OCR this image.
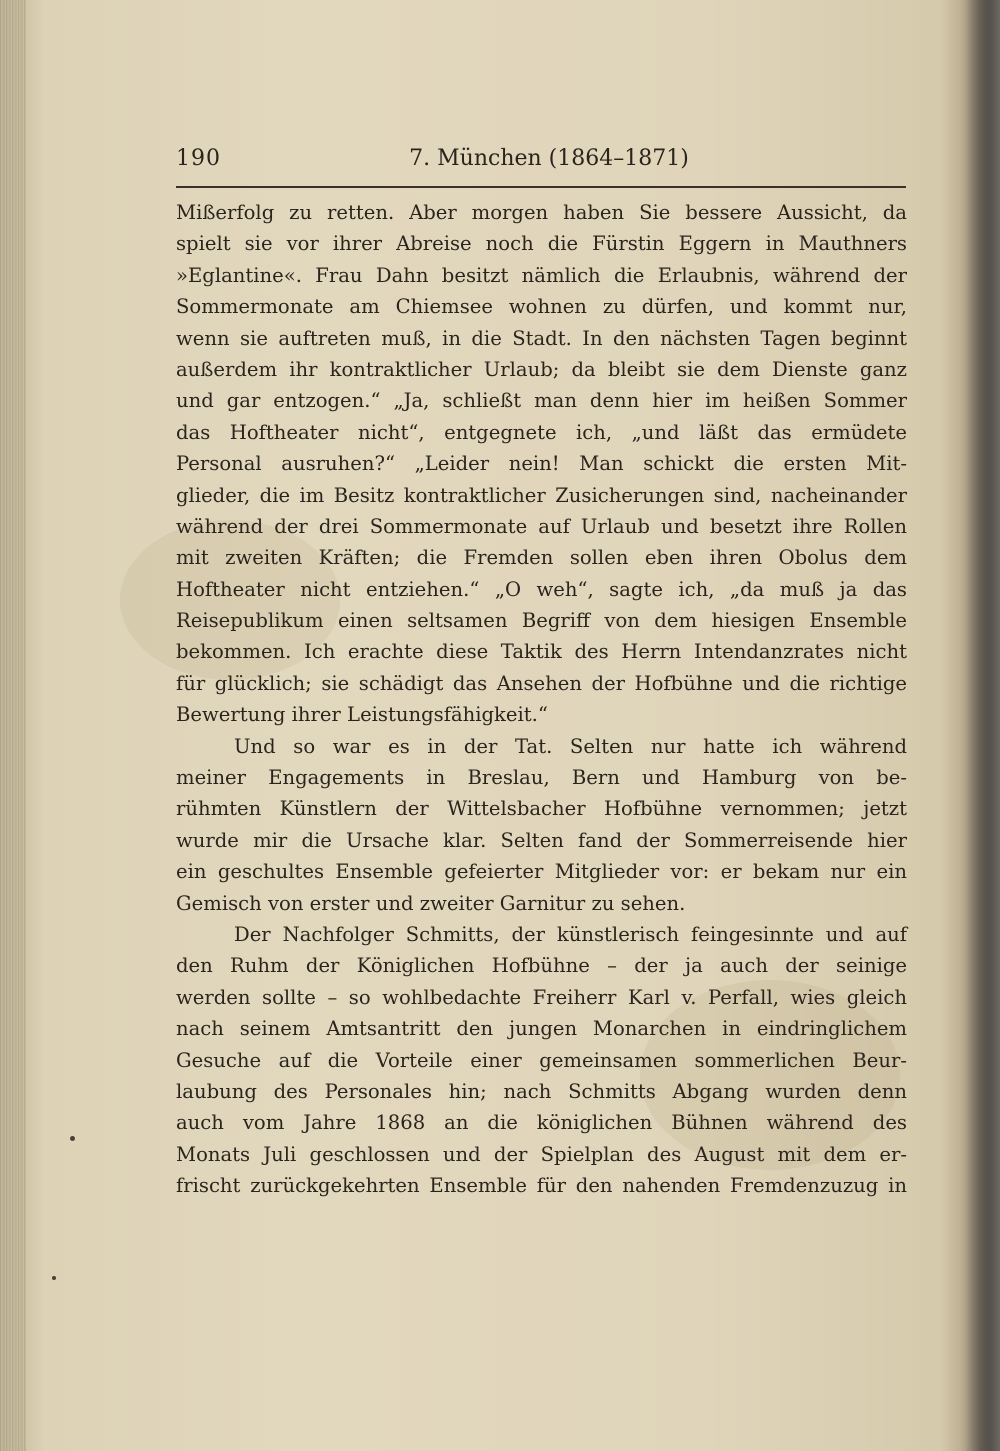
190	7. München (1864–1871)
Mißerfolg zu retten. Aber morgen haben Sie bessere Aussicht, da
spielt sie vor ihrer Abreise noch die Fürstin Eggern in Mauthners
»Eglantine«. Frau Dahn besitzt nämlich die Erlaubnis, während der
Sommermonate am Chiemsee wohnen zu dürfen, und kommt nur,
wenn sie auftreten muß, in die Stadt. In den nächsten Tagen beginnt
außerdem ihr kontraktlicher Urlaub; da bleibt sie dem Dienste ganz
und gar entzogen.“ „Ja, schließt man denn hier im heißen Sommer
das Hoftheater nicht“, entgegnete ich, „und läßt das ermüdete
Personal ausruhen?“ „Leider nein! Man schickt die ersten Mit-
glieder, die im Besitz kontraktlicher Zusicherungen sind, nacheinander
während der drei Sommermonate auf Urlaub und besetzt ihre Rollen
mit zweiten Kräften; die Fremden sollen eben ihren Obolus dem
Hoftheater nicht entziehen.“ „O weh“, sagte ich, „da muß ja das
Reisepublikum einen seltsamen Begriff von dem hiesigen Ensemble
bekommen. Ich erachte diese Taktik des Herrn Intendanzrates nicht
für glücklich; sie schädigt das Ansehen der Hofbühne und die richtige
Bewertung ihrer Leistungsfähigkeit.“
Und so war es in der Tat. Selten nur hatte ich während
meiner Engagements in Breslau, Bern und Hamburg von be-
rühmten Künstlern der Wittelsbacher Hofbühne vernommen; jetzt
wurde mir die Ursache klar. Selten fand der Sommerreisende hier
ein geschultes Ensemble gefeierter Mitglieder vor: er bekam nur ein
Gemisch von erster und zweiter Garnitur zu sehen.
Der Nachfolger Schmitts, der künstlerisch feingesinnte und auf
den Ruhm der Königlichen Hofbühne – der ja auch der seinige
werden sollte – so wohlbedachte Freiherr Karl v. Perfall, wies gleich
nach seinem Amtsantritt den jungen Monarchen in eindringlichem
Gesuche auf die Vorteile einer gemeinsamen sommerlichen Beur-
laubung des Personales hin; nach Schmitts Abgang wurden denn
auch vom Jahre 1868 an die königlichen Bühnen während des
Monats Juli geschlossen und der Spielplan des August mit dem er-
frischt zurückgekehrten Ensemble für den nahenden Fremdenzuzug in
